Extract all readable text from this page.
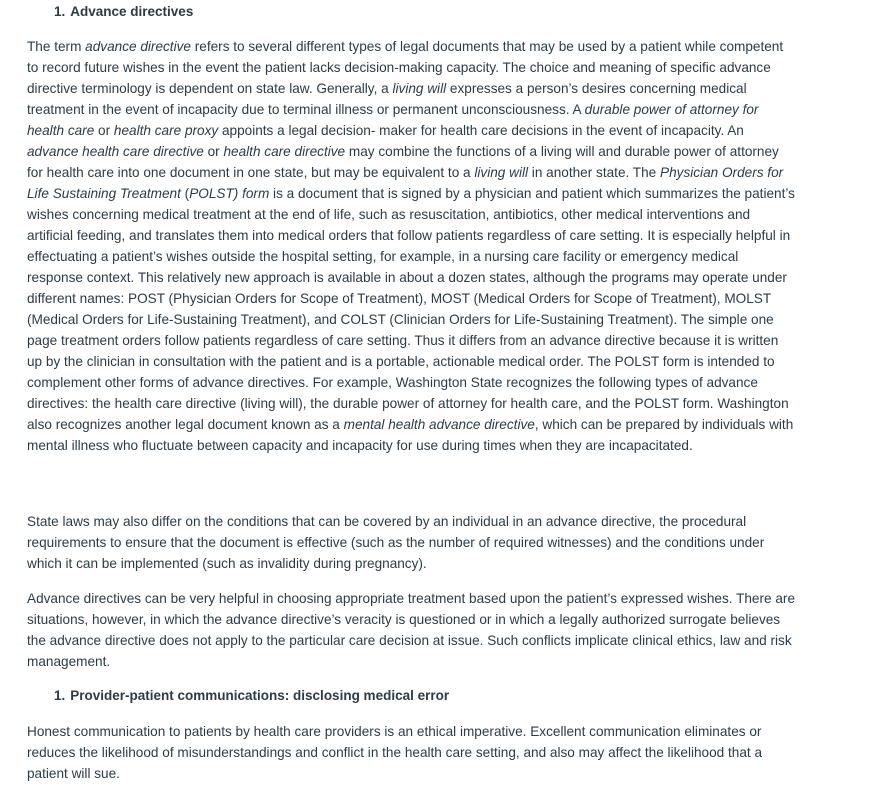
1. Advance directives

The term advance directive refers to several different types of legal documents that may be used by a patient while competent to record future wishes in the event the patient lacks decision-making capacity. The choice and meaning of specific advance directive terminology is dependent on state law. Generally, a living will expresses a person’s desires concerning medical treatment in the event of incapacity due to terminal illness or permanent unconsciousness. A durable power of attorney for health care or health care proxy appoints a legal decision- maker for health care decisions in the event of incapacity. An advance health care directive or health care directive may combine the functions of a living will and durable power of attorney for health care into one document in one state, but may be equivalent to a living will in another state. The Physician Orders for Life Sustaining Treatment (POLST) form is a document that is signed by a physician and patient which summarizes the patient’s wishes concerning medical treatment at the end of life, such as resuscitation, antibiotics, other medical interventions and artificial feeding, and translates them into medical orders that follow patients regardless of care setting. It is especially helpful in effectuating a patient’s wishes outside the hospital setting, for example, in a nursing care facility or emergency medical response context. This relatively new approach is available in about a dozen states, although the programs may operate under different names: POST (Physician Orders for Scope of Treatment), MOST (Medical Orders for Scope of Treatment), MOLST (Medical Orders for Life-Sustaining Treatment), and COLST (Clinician Orders for Life-Sustaining Treatment). The simple one page treatment orders follow patients regardless of care setting. Thus it differs from an advance directive because it is written up by the clinician in consultation with the patient and is a portable, actionable medical order. The POLST form is intended to complement other forms of advance directives. For example, Washington State recognizes the following types of advance directives: the health care directive (living will), the durable power of attorney for health care, and the POLST form. Washington also recognizes another legal document known as a mental health advance directive, which can be prepared by individuals with mental illness who fluctuate between capacity and incapacity for use during times when they are incapacitated.

State laws may also differ on the conditions that can be covered by an individual in an advance directive, the procedural requirements to ensure that the document is effective (such as the number of required witnesses) and the conditions under which it can be implemented (such as invalidity during pregnancy).

Advance directives can be very helpful in choosing appropriate treatment based upon the patient’s expressed wishes. There are situations, however, in which the advance directive’s veracity is questioned or in which a legally authorized surrogate believes the advance directive does not apply to the particular care decision at issue. Such conflicts implicate clinical ethics, law and risk management.

1. Provider-patient communications: disclosing medical error

Honest communication to patients by health care providers is an ethical imperative. Excellent communication eliminates or reduces the likelihood of misunderstandings and conflict in the health care setting, and also may affect the likelihood that a patient will sue.
